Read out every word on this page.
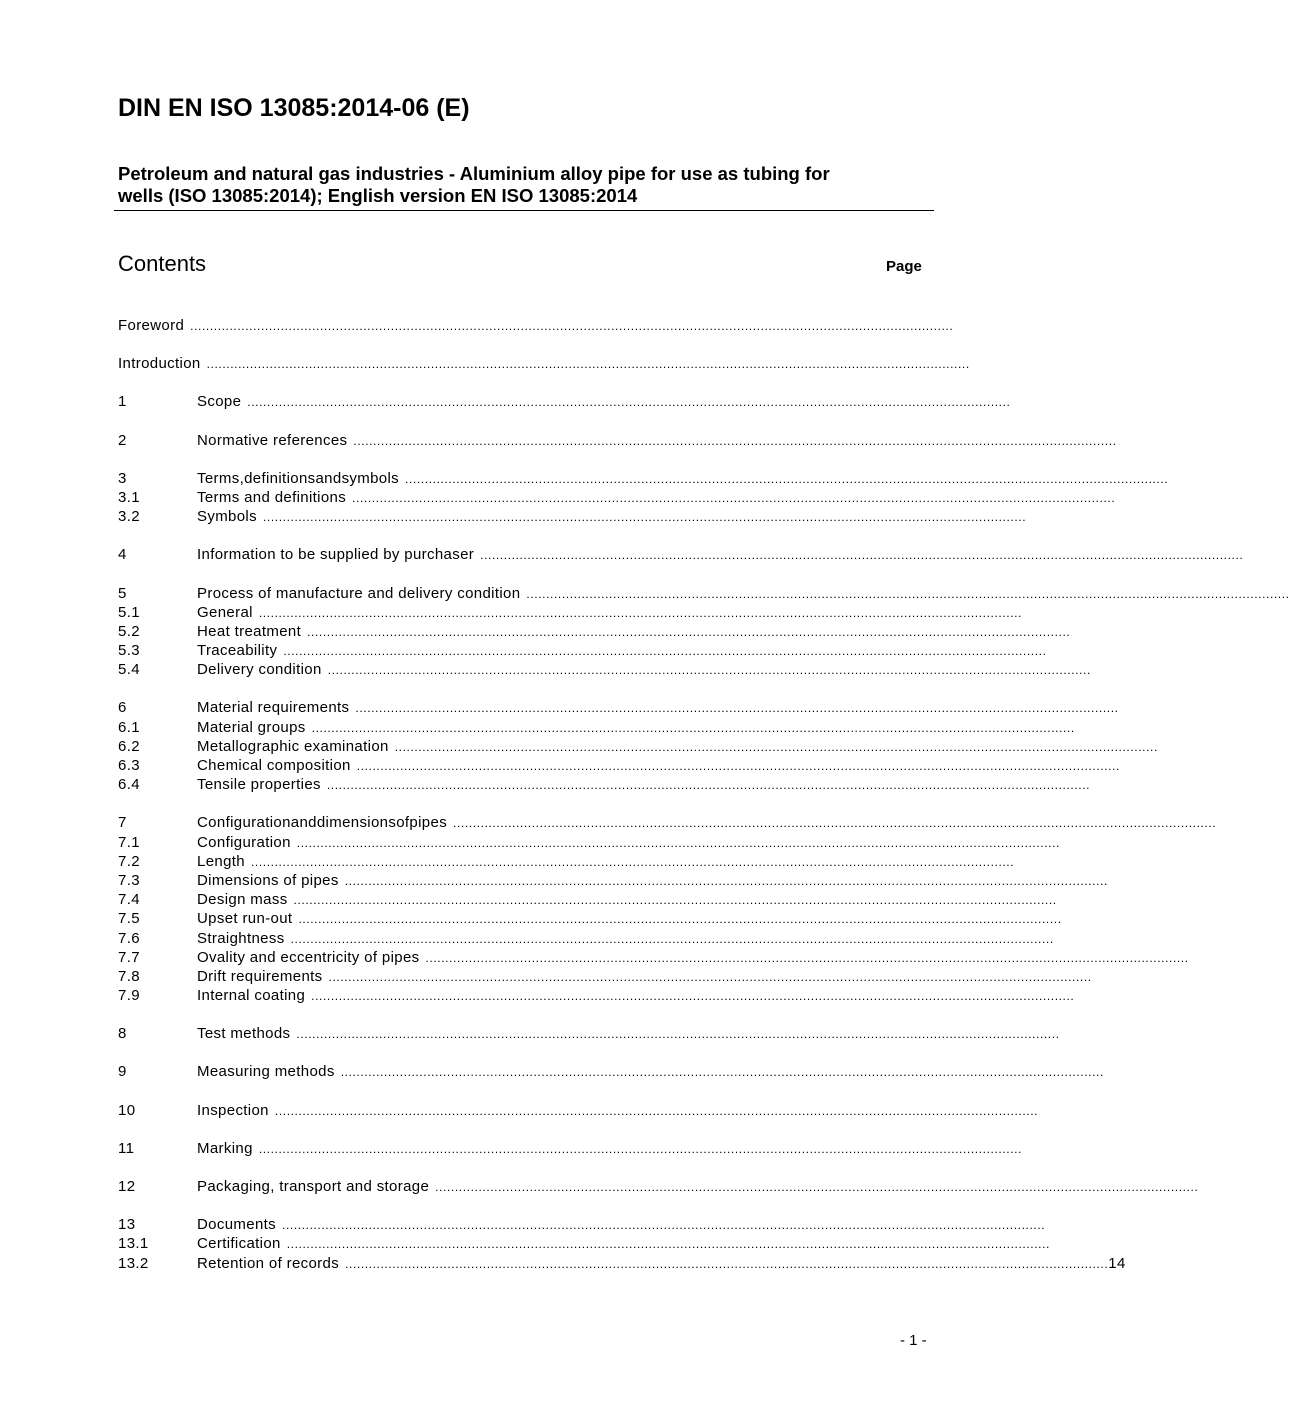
DIN EN ISO 13085:2014-06 (E)
Petroleum and natural gas industries - Aluminium alloy pipe for use as tubing for
wells (ISO 13085:2014); English version EN ISO 13085:2014
Contents	Page
Foreword ..................................................................................................................................................................................................
Introduction ..................................................................................................................................................................................................
1	Scope ..................................................................................................................................................................................................
2	Normative references ..................................................................................................................................................................................................
3	Terms,definitionsandsymbols ..................................................................................................................................................................................................
3.1	Terms and definitions ..................................................................................................................................................................................................
3.2	Symbols ..................................................................................................................................................................................................
4	Information to be supplied by purchaser ..................................................................................................................................................................................................
5	Process of manufacture and delivery condition ..................................................................................................................................................................................................
5.1	General ..................................................................................................................................................................................................
5.2	Heat treatment ..................................................................................................................................................................................................
5.3	Traceability ..................................................................................................................................................................................................
5.4	Delivery condition ..................................................................................................................................................................................................
6	Material requirements ..................................................................................................................................................................................................
6.1	Material groups ..................................................................................................................................................................................................
6.2	Metallographic examination ..................................................................................................................................................................................................
6.3	Chemical composition ..................................................................................................................................................................................................
6.4	Tensile properties ..................................................................................................................................................................................................
7	Configurationanddimensionsofpipes ..................................................................................................................................................................................................
7.1	Configuration ..................................................................................................................................................................................................
7.2	Length ..................................................................................................................................................................................................
7.3	Dimensions of pipes ..................................................................................................................................................................................................
7.4	Design mass ..................................................................................................................................................................................................
7.5	Upset run-out ..................................................................................................................................................................................................
7.6	Straightness ..................................................................................................................................................................................................
7.7	Ovality and eccentricity of pipes ..................................................................................................................................................................................................
7.8	Drift requirements ..................................................................................................................................................................................................
7.9	Internal coating ..................................................................................................................................................................................................
8	Test methods ..................................................................................................................................................................................................
9	Measuring methods ..................................................................................................................................................................................................
10	Inspection ..................................................................................................................................................................................................
11	Marking ..................................................................................................................................................................................................
12	Packaging, transport and storage ..................................................................................................................................................................................................
13	Documents ..................................................................................................................................................................................................
13.1	Certification ..................................................................................................................................................................................................
13.2	Retention of records .................................................................................................................................................................................................. 14
- 1 -
